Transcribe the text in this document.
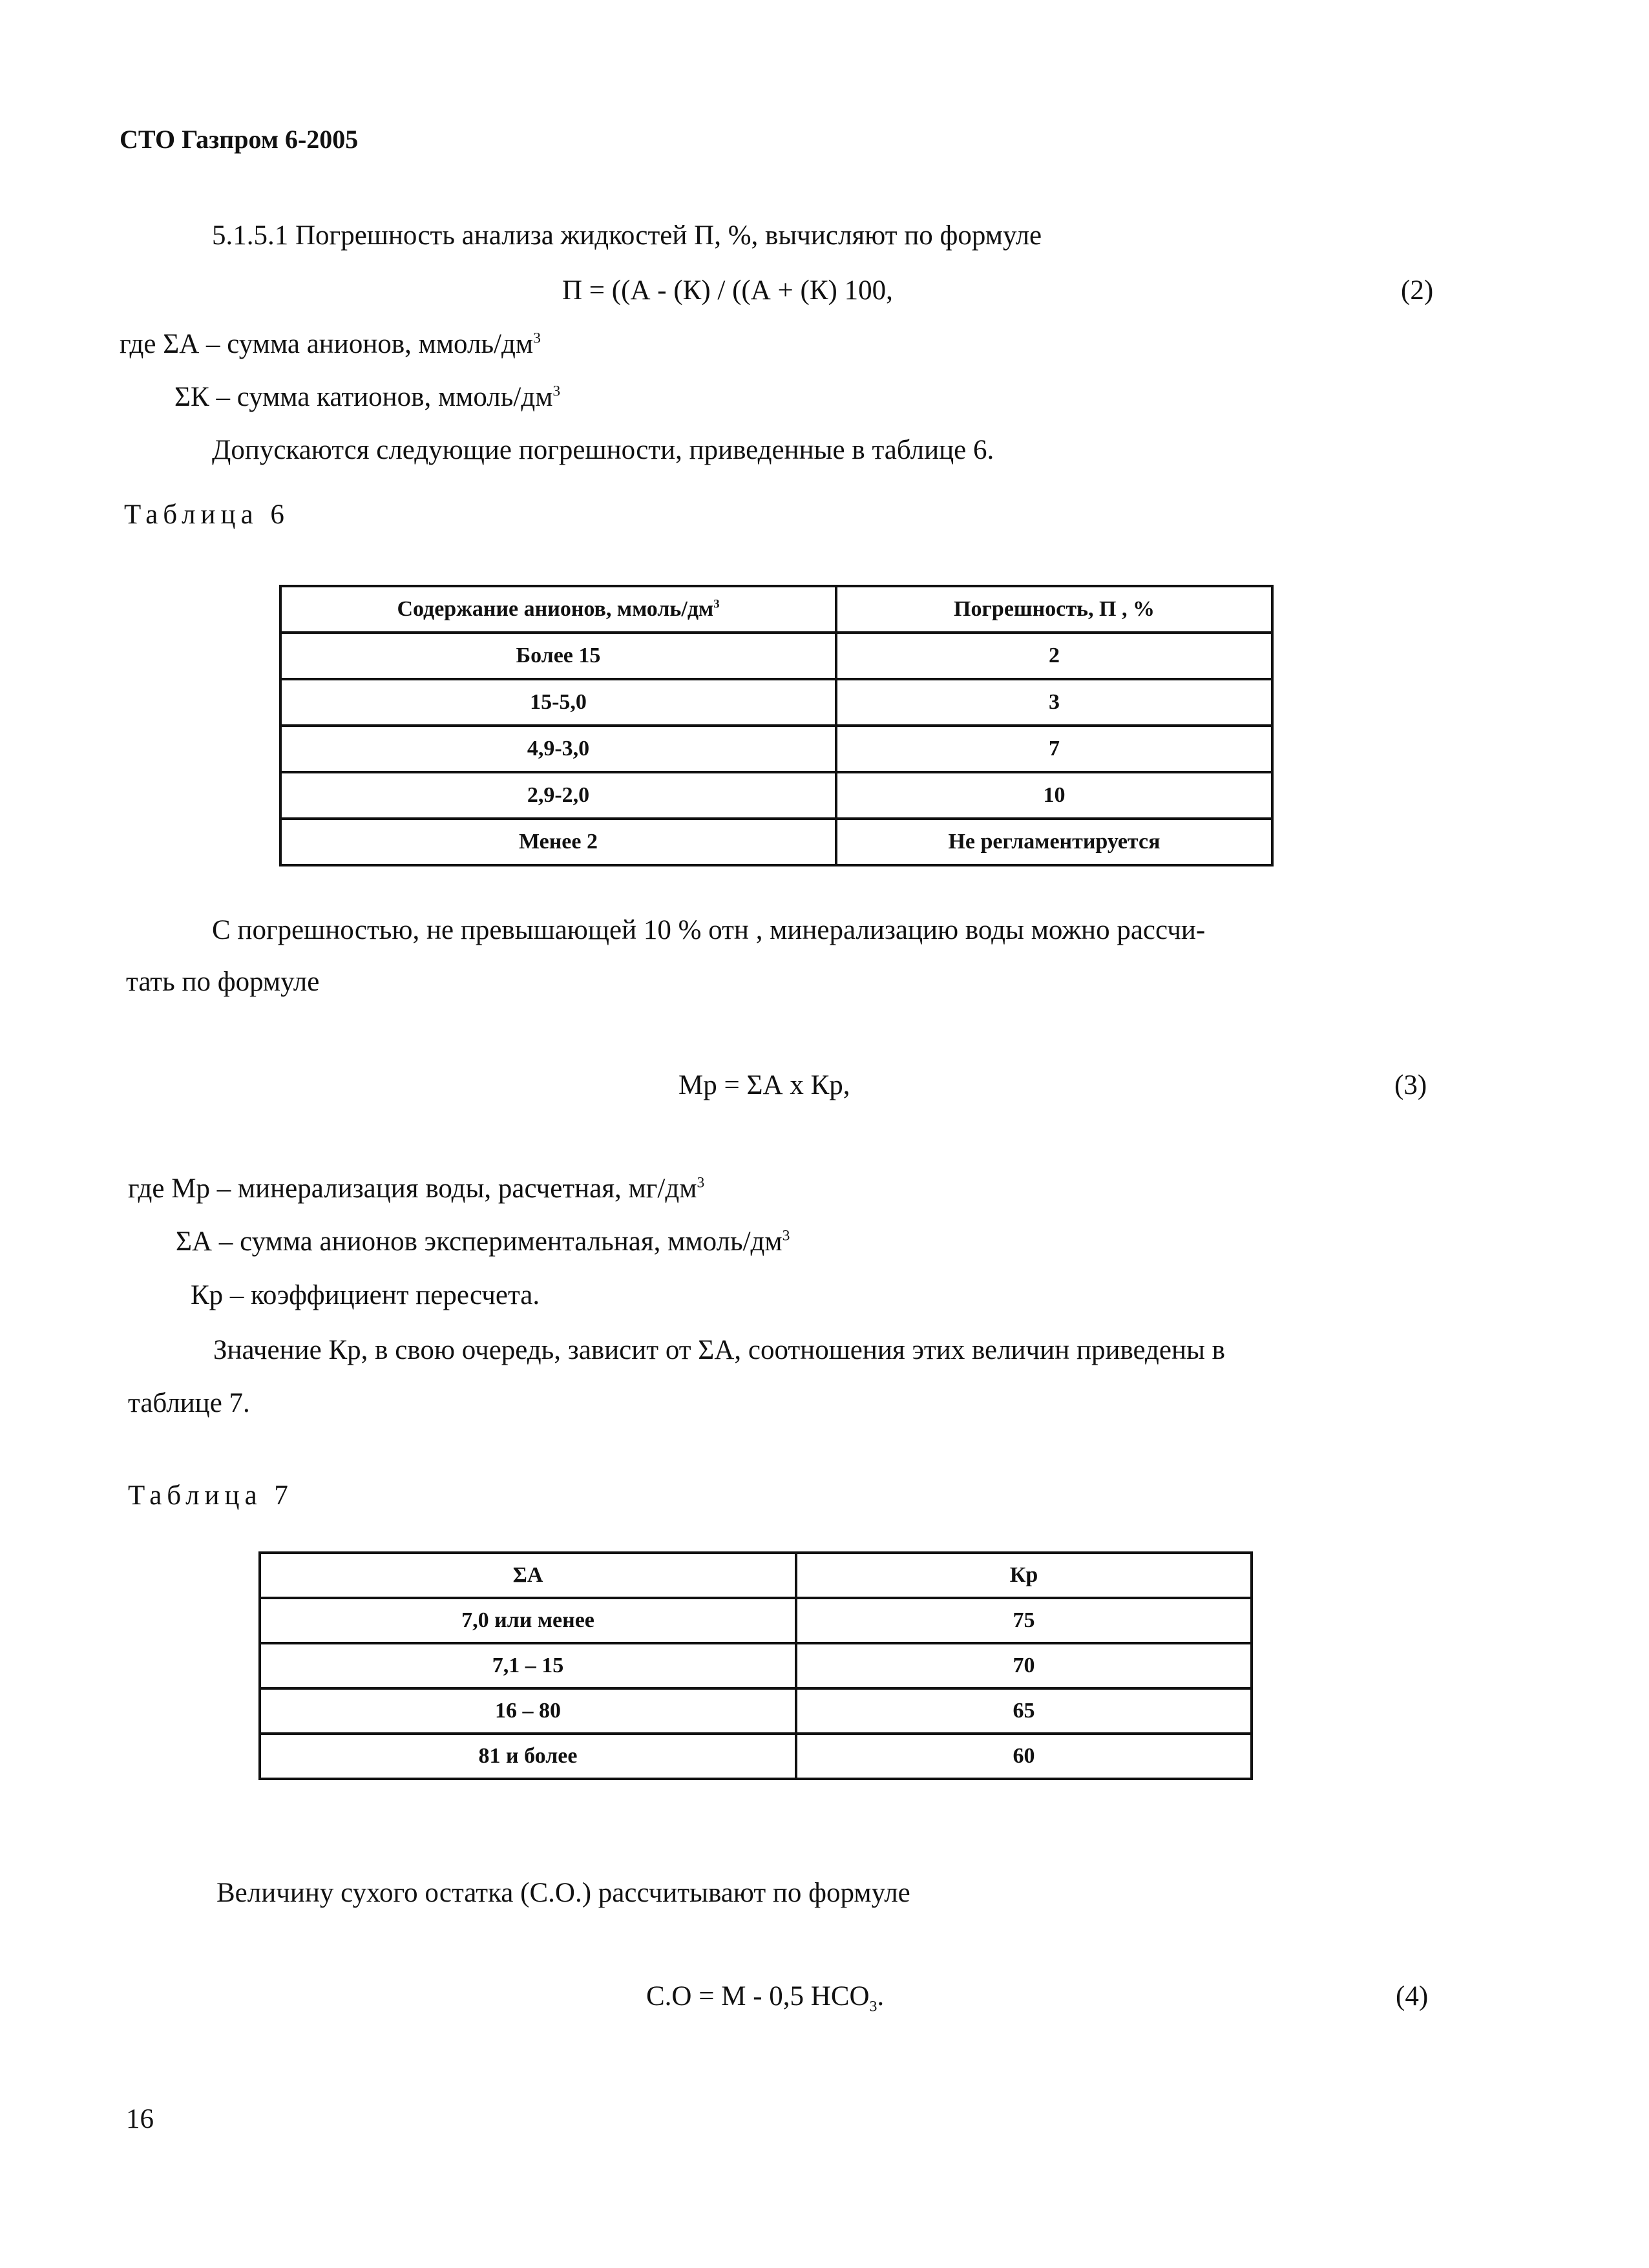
СТО Газпром 6-2005
5.1.5.1 Погрешность анализа жидкостей П, %, вычисляют по формуле
П = ((А - (К) / ((А + (К) 100,	(2)
где ΣА – сумма анионов, ммоль/$дм^3$
ΣК – сумма катионов, ммоль/$дм^3$
Допускаются следующие погрешности, приведенные в таблице 6.
Таблица 6
Содержание анионов, ммоль/$дм^3$	Погрешность, П , %
Более 15	2
15-5,0	3
4,9-3,0	7
2,9-2,0	10
Менее 2	Не регламентируется
С погрешностью, не превышающей 10 % отн , минерализацию воды можно рассчи-
тать по формуле
Мр = ΣА х Кр,	(3)
где Мр – минерализация воды, расчетная, $мг/дм^3$
ΣА – сумма анионов экспериментальная, ммоль/$дм^3$
Кр – коэффициент пересчета.
Значение Кр, в свою очередь, зависит от ΣА, соотношения этих величин приведены в
таблице 7.
Таблица 7
ΣА	Кр
7,0 или менее	75
7,1 – 15	70
16 – 80	65
81 и более	60
Величину сухого остатка (С.О.) рассчитывают по формуле
С.О = М - 0,5 $НСО_3$.	(4)
16
